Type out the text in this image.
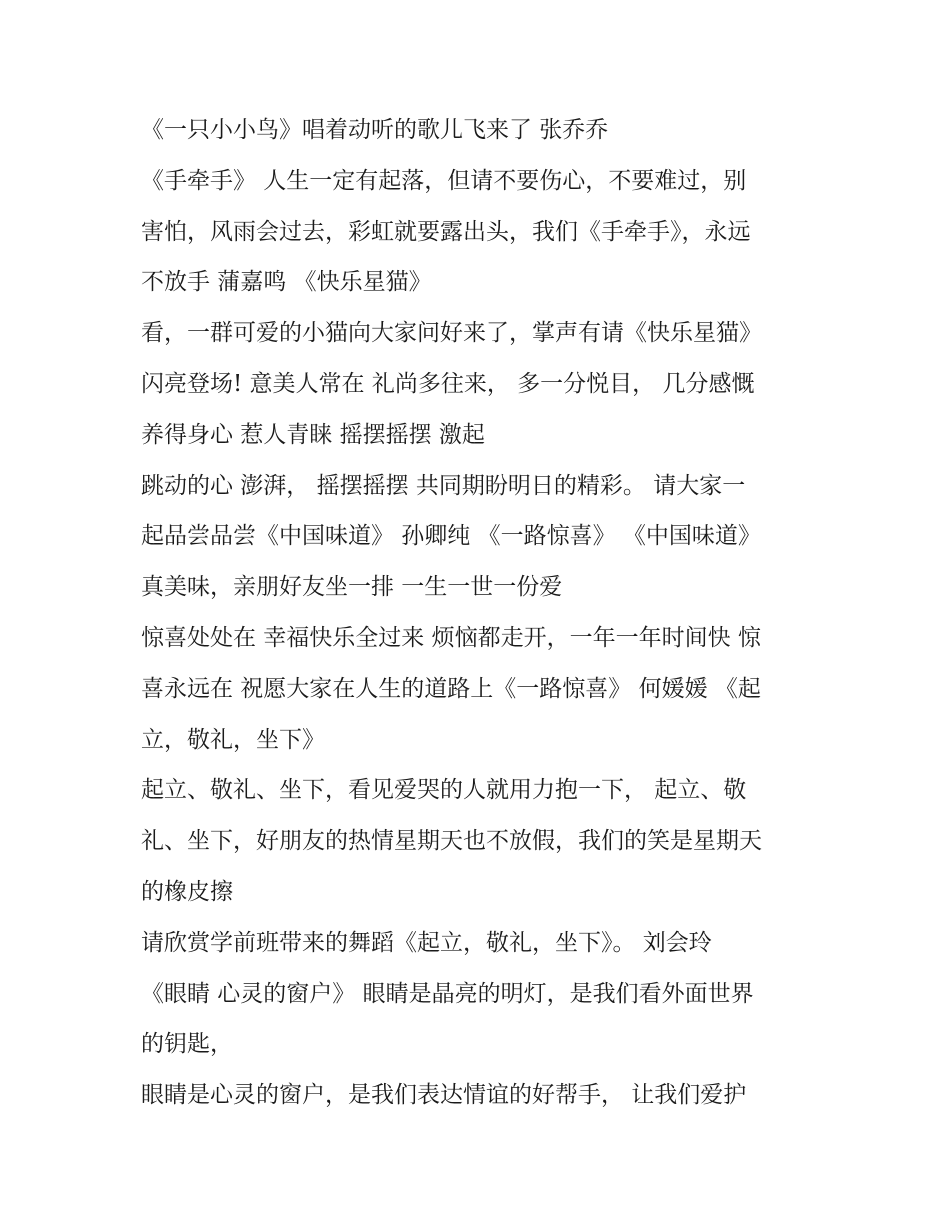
《一只小小鸟》唱着动听的歌儿飞来了 张乔乔
《手牵手》 人生一定有起落，但请不要伤心，不要难过，别
害怕，风雨会过去，彩虹就要露出头，我们《手牵手》，永远
不放手 蒲嘉鸣 《快乐星猫》
看，一群可爱的小猫向大家问好来了，掌声有请《快乐星猫》
闪亮登场! 意美人常在 礼尚多往来， 多一分悦目， 几分感慨
养得身心 惹人青睐 摇摆摇摆 激起
跳动的心 澎湃， 摇摆摇摆 共同期盼明日的精彩。 请大家一
起品尝品尝《中国味道》 孙卿纯 《一路惊喜》 《中国味道》
真美味，亲朋好友坐一排 一生一世一份爱
惊喜处处在 幸福快乐全过来 烦恼都走开，一年一年时间快 惊
喜永远在 祝愿大家在人生的道路上《一路惊喜》 何媛媛 《起
立，敬礼，坐下》
起立、敬礼、坐下，看见爱哭的人就用力抱一下， 起立、敬
礼、坐下，好朋友的热情星期天也不放假，我们的笑是星期天
的橡皮擦
请欣赏学前班带来的舞蹈《起立，敬礼，坐下》。 刘会玲
《眼睛 心灵的窗户》 眼睛是晶亮的明灯，是我们看外面世界
的钥匙，
眼睛是心灵的窗户，是我们表达情谊的好帮手， 让我们爱护
